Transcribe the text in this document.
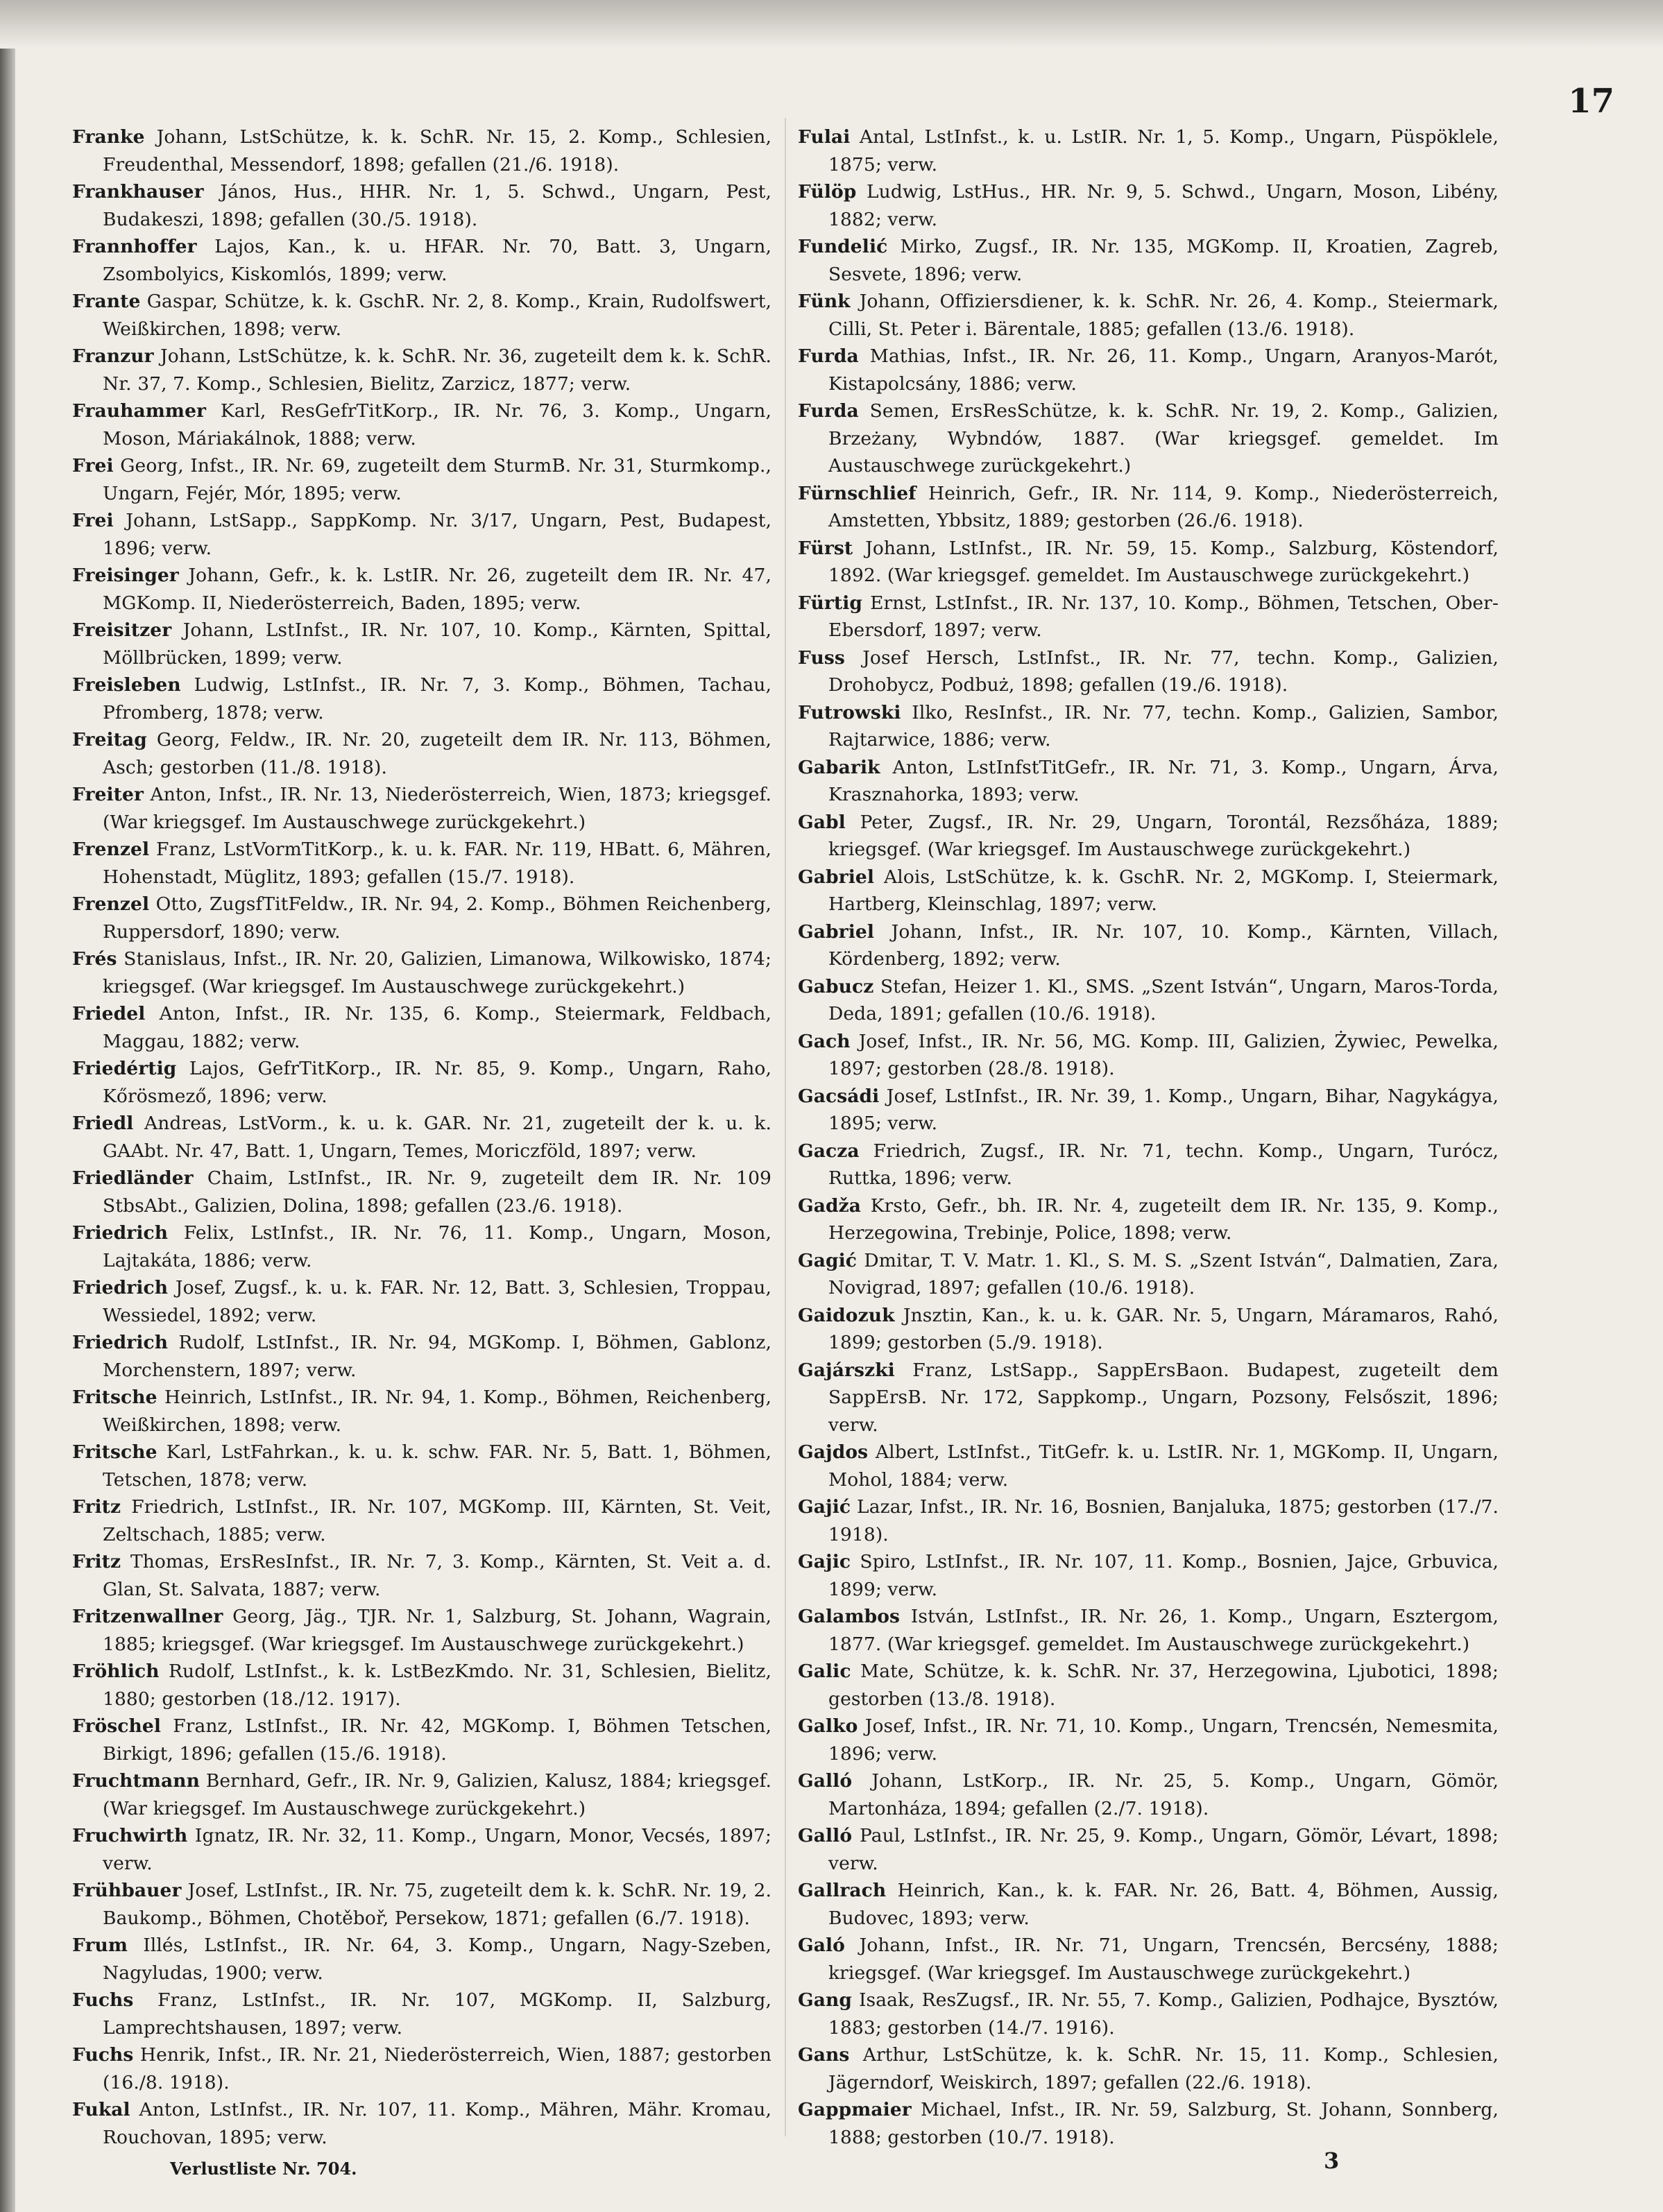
17
Franke Johann, LstSchütze, k. k. SchR. Nr. 15, 2. Komp., Schlesien, Freudenthal, Messendorf, 1898; gefallen (21./6. 1918).
Frankhauser János, Hus., HHR. Nr. 1, 5. Schwd., Ungarn, Pest, Budakeszi, 1898; gefallen (30./5. 1918).
Frannhoffer Lajos, Kan., k. u. HFAR. Nr. 70, Batt. 3, Ungarn, Zsombolyics, Kiskomlós, 1899; verw.
Frante Gaspar, Schütze, k. k. GschR. Nr. 2, 8. Komp., Krain, Rudolfswert, Weißkirchen, 1898; verw.
Franzur Johann, LstSchütze, k. k. SchR. Nr. 36, zugeteilt dem k. k. SchR. Nr. 37, 7. Komp., Schlesien, Bielitz, Zarzicz, 1877; verw.
Frauhammer Karl, ResGefrTitKorp., IR. Nr. 76, 3. Komp., Ungarn, Moson, Máriakálnok, 1888; verw.
Frei Georg, Infst., IR. Nr. 69, zugeteilt dem SturmB. Nr. 31, Sturmkomp., Ungarn, Fejér, Mór, 1895; verw.
Frei Johann, LstSapp., SappKomp. Nr. 3/17, Ungarn, Pest, Budapest, 1896; verw.
Freisinger Johann, Gefr., k. k. LstIR. Nr. 26, zugeteilt dem IR. Nr. 47, MGKomp. II, Niederösterreich, Baden, 1895; verw.
Freisitzer Johann, LstInfst., IR. Nr. 107, 10. Komp., Kärnten, Spittal, Möllbrücken, 1899; verw.
Freisleben Ludwig, LstInfst., IR. Nr. 7, 3. Komp., Böhmen, Tachau, Pfromberg, 1878; verw.
Freitag Georg, Feldw., IR. Nr. 20, zugeteilt dem IR. Nr. 113, Böhmen, Asch; gestorben (11./8. 1918).
Freiter Anton, Infst., IR. Nr. 13, Niederösterreich, Wien, 1873; kriegsgef. (War kriegsgef. Im Austauschwege zurückgekehrt.)
Frenzel Franz, LstVormTitKorp., k. u. k. FAR. Nr. 119, HBatt. 6, Mähren, Hohenstadt, Müglitz, 1893; gefallen (15./7. 1918).
Frenzel Otto, ZugsfTitFeldw., IR. Nr. 94, 2. Komp., Böhmen Reichenberg, Ruppersdorf, 1890; verw.
Frés Stanislaus, Infst., IR. Nr. 20, Galizien, Limanowa, Wilkowisko, 1874; kriegsgef. (War kriegsgef. Im Austauschwege zurückgekehrt.)
Friedel Anton, Infst., IR. Nr. 135, 6. Komp., Steiermark, Feldbach, Maggau, 1882; verw.
Friedértig Lajos, GefrTitKorp., IR. Nr. 85, 9. Komp., Ungarn, Raho, Kőrösmező, 1896; verw.
Friedl Andreas, LstVorm., k. u. k. GAR. Nr. 21, zugeteilt der k. u. k. GAAbt. Nr. 47, Batt. 1, Ungarn, Temes, Moriczföld, 1897; verw.
Friedländer Chaim, LstInfst., IR. Nr. 9, zugeteilt dem IR. Nr. 109 StbsAbt., Galizien, Dolina, 1898; gefallen (23./6. 1918).
Friedrich Felix, LstInfst., IR. Nr. 76, 11. Komp., Ungarn, Moson, Lajtakáta, 1886; verw.
Friedrich Josef, Zugsf., k. u. k. FAR. Nr. 12, Batt. 3, Schlesien, Troppau, Wessiedel, 1892; verw.
Friedrich Rudolf, LstInfst., IR. Nr. 94, MGKomp. I, Böhmen, Gablonz, Morchenstern, 1897; verw.
Fritsche Heinrich, LstInfst., IR. Nr. 94, 1. Komp., Böhmen, Reichenberg, Weißkirchen, 1898; verw.
Fritsche Karl, LstFahrkan., k. u. k. schw. FAR. Nr. 5, Batt. 1, Böhmen, Tetschen, 1878; verw.
Fritz Friedrich, LstInfst., IR. Nr. 107, MGKomp. III, Kärnten, St. Veit, Zeltschach, 1885; verw.
Fritz Thomas, ErsResInfst., IR. Nr. 7, 3. Komp., Kärnten, St. Veit a. d. Glan, St. Salvata, 1887; verw.
Fritzenwallner Georg, Jäg., TJR. Nr. 1, Salzburg, St. Johann, Wagrain, 1885; kriegsgef. (War kriegsgef. Im Austauschwege zurückgekehrt.)
Fröhlich Rudolf, LstInfst., k. k. LstBezKmdo. Nr. 31, Schlesien, Bielitz, 1880; gestorben (18./12. 1917).
Fröschel Franz, LstInfst., IR. Nr. 42, MGKomp. I, Böhmen Tetschen, Birkigt, 1896; gefallen (15./6. 1918).
Fruchtmann Bernhard, Gefr., IR. Nr. 9, Galizien, Kalusz, 1884; kriegsgef. (War kriegsgef. Im Austauschwege zurückgekehrt.)
Fruchwirth Ignatz, IR. Nr. 32, 11. Komp., Ungarn, Monor, Vecsés, 1897; verw.
Frühbauer Josef, LstInfst., IR. Nr. 75, zugeteilt dem k. k. SchR. Nr. 19, 2. Baukomp., Böhmen, Chotěboř, Persekow, 1871; gefallen (6./7. 1918).
Frum Illés, LstInfst., IR. Nr. 64, 3. Komp., Ungarn, Nagy-Szeben, Nagyludas, 1900; verw.
Fuchs Franz, LstInfst., IR. Nr. 107, MGKomp. II, Salzburg, Lamprechtshausen, 1897; verw.
Fuchs Henrik, Infst., IR. Nr. 21, Niederösterreich, Wien, 1887; gestorben (16./8. 1918).
Fukal Anton, LstInfst., IR. Nr. 107, 11. Komp., Mähren, Mähr. Kromau, Rouchovan, 1895; verw.
Fulai Antal, LstInfst., k. u. LstIR. Nr. 1, 5. Komp., Ungarn, Püspöklele, 1875; verw.
Fülöp Ludwig, LstHus., HR. Nr. 9, 5. Schwd., Ungarn, Moson, Libény, 1882; verw.
Fundelić Mirko, Zugsf., IR. Nr. 135, MGKomp. II, Kroatien, Zagreb, Sesvete, 1896; verw.
Fünk Johann, Offiziersdiener, k. k. SchR. Nr. 26, 4. Komp., Steiermark, Cilli, St. Peter i. Bärentale, 1885; gefallen (13./6. 1918).
Furda Mathias, Infst., IR. Nr. 26, 11. Komp., Ungarn, Aranyos-Marót, Kistapolcsány, 1886; verw.
Furda Semen, ErsResSchütze, k. k. SchR. Nr. 19, 2. Komp., Galizien, Brzeżany, Wybndów, 1887. (War kriegsgef. gemeldet. Im Austauschwege zurückgekehrt.)
Fürnschlief Heinrich, Gefr., IR. Nr. 114, 9. Komp., Niederösterreich, Amstetten, Ybbsitz, 1889; gestorben (26./6. 1918).
Fürst Johann, LstInfst., IR. Nr. 59, 15. Komp., Salzburg, Köstendorf, 1892. (War kriegsgef. gemeldet. Im Austauschwege zurückgekehrt.)
Fürtig Ernst, LstInfst., IR. Nr. 137, 10. Komp., Böhmen, Tetschen, Ober-Ebersdorf, 1897; verw.
Fuss Josef Hersch, LstInfst., IR. Nr. 77, techn. Komp., Galizien, Drohobycz, Podbuż, 1898; gefallen (19./6. 1918).
Futrowski Ilko, ResInfst., IR. Nr. 77, techn. Komp., Galizien, Sambor, Rajtarwice, 1886; verw.
Gabarik Anton, LstInfstTitGefr., IR. Nr. 71, 3. Komp., Ungarn, Árva, Krasznahorka, 1893; verw.
Gabl Peter, Zugsf., IR. Nr. 29, Ungarn, Torontál, Rezsőháza, 1889; kriegsgef. (War kriegsgef. Im Austauschwege zurückgekehrt.)
Gabriel Alois, LstSchütze, k. k. GschR. Nr. 2, MGKomp. I, Steiermark, Hartberg, Kleinschlag, 1897; verw.
Gabriel Johann, Infst., IR. Nr. 107, 10. Komp., Kärnten, Villach, Kördenberg, 1892; verw.
Gabucz Stefan, Heizer 1. Kl., SMS. „Szent István“, Ungarn, Maros-Torda, Deda, 1891; gefallen (10./6. 1918).
Gach Josef, Infst., IR. Nr. 56, MG. Komp. III, Galizien, Żywiec, Pewelka, 1897; gestorben (28./8. 1918).
Gacsádi Josef, LstInfst., IR. Nr. 39, 1. Komp., Ungarn, Bihar, Nagykágya, 1895; verw.
Gacza Friedrich, Zugsf., IR. Nr. 71, techn. Komp., Ungarn, Turócz, Ruttka, 1896; verw.
Gadža Krsto, Gefr., bh. IR. Nr. 4, zugeteilt dem IR. Nr. 135, 9. Komp., Herzegowina, Trebinje, Police, 1898; verw.
Gagić Dmitar, T. V. Matr. 1. Kl., S. M. S. „Szent István“, Dalmatien, Zara, Novigrad, 1897; gefallen (10./6. 1918).
Gaidozuk Jnsztin, Kan., k. u. k. GAR. Nr. 5, Ungarn, Máramaros, Rahó, 1899; gestorben (5./9. 1918).
Gajárszki Franz, LstSapp., SappErsBaon. Budapest, zugeteilt dem SappErsB. Nr. 172, Sappkomp., Ungarn, Pozsony, Felsőszit, 1896; verw.
Gajdos Albert, LstInfst., TitGefr. k. u. LstIR. Nr. 1, MGKomp. II, Ungarn, Mohol, 1884; verw.
Gajić Lazar, Infst., IR. Nr. 16, Bosnien, Banjaluka, 1875; gestorben (17./7. 1918).
Gajic Spiro, LstInfst., IR. Nr. 107, 11. Komp., Bosnien, Jajce, Grbuvica, 1899; verw.
Galambos István, LstInfst., IR. Nr. 26, 1. Komp., Ungarn, Esztergom, 1877. (War kriegsgef. gemeldet. Im Austauschwege zurückgekehrt.)
Galic Mate, Schütze, k. k. SchR. Nr. 37, Herzegowina, Ljubotici, 1898; gestorben (13./8. 1918).
Galko Josef, Infst., IR. Nr. 71, 10. Komp., Ungarn, Trencsén, Nemesmita, 1896; verw.
Galló Johann, LstKorp., IR. Nr. 25, 5. Komp., Ungarn, Gömör, Martonháza, 1894; gefallen (2./7. 1918).
Galló Paul, LstInfst., IR. Nr. 25, 9. Komp., Ungarn, Gömör, Lévart, 1898; verw.
Gallrach Heinrich, Kan., k. k. FAR. Nr. 26, Batt. 4, Böhmen, Aussig, Budovec, 1893; verw.
Galó Johann, Infst., IR. Nr. 71, Ungarn, Trencsén, Bercsény, 1888; kriegsgef. (War kriegsgef. Im Austauschwege zurückgekehrt.)
Gang Isaak, ResZugsf., IR. Nr. 55, 7. Komp., Galizien, Podhajce, Bysztów, 1883; gestorben (14./7. 1916).
Gans Arthur, LstSchütze, k. k. SchR. Nr. 15, 11. Komp., Schlesien, Jägerndorf, Weiskirch, 1897; gefallen (22./6. 1918).
Gappmaier Michael, Infst., IR. Nr. 59, Salzburg, St. Johann, Sonnberg, 1888; gestorben (10./7. 1918).
Verlustliste Nr. 704.	3
